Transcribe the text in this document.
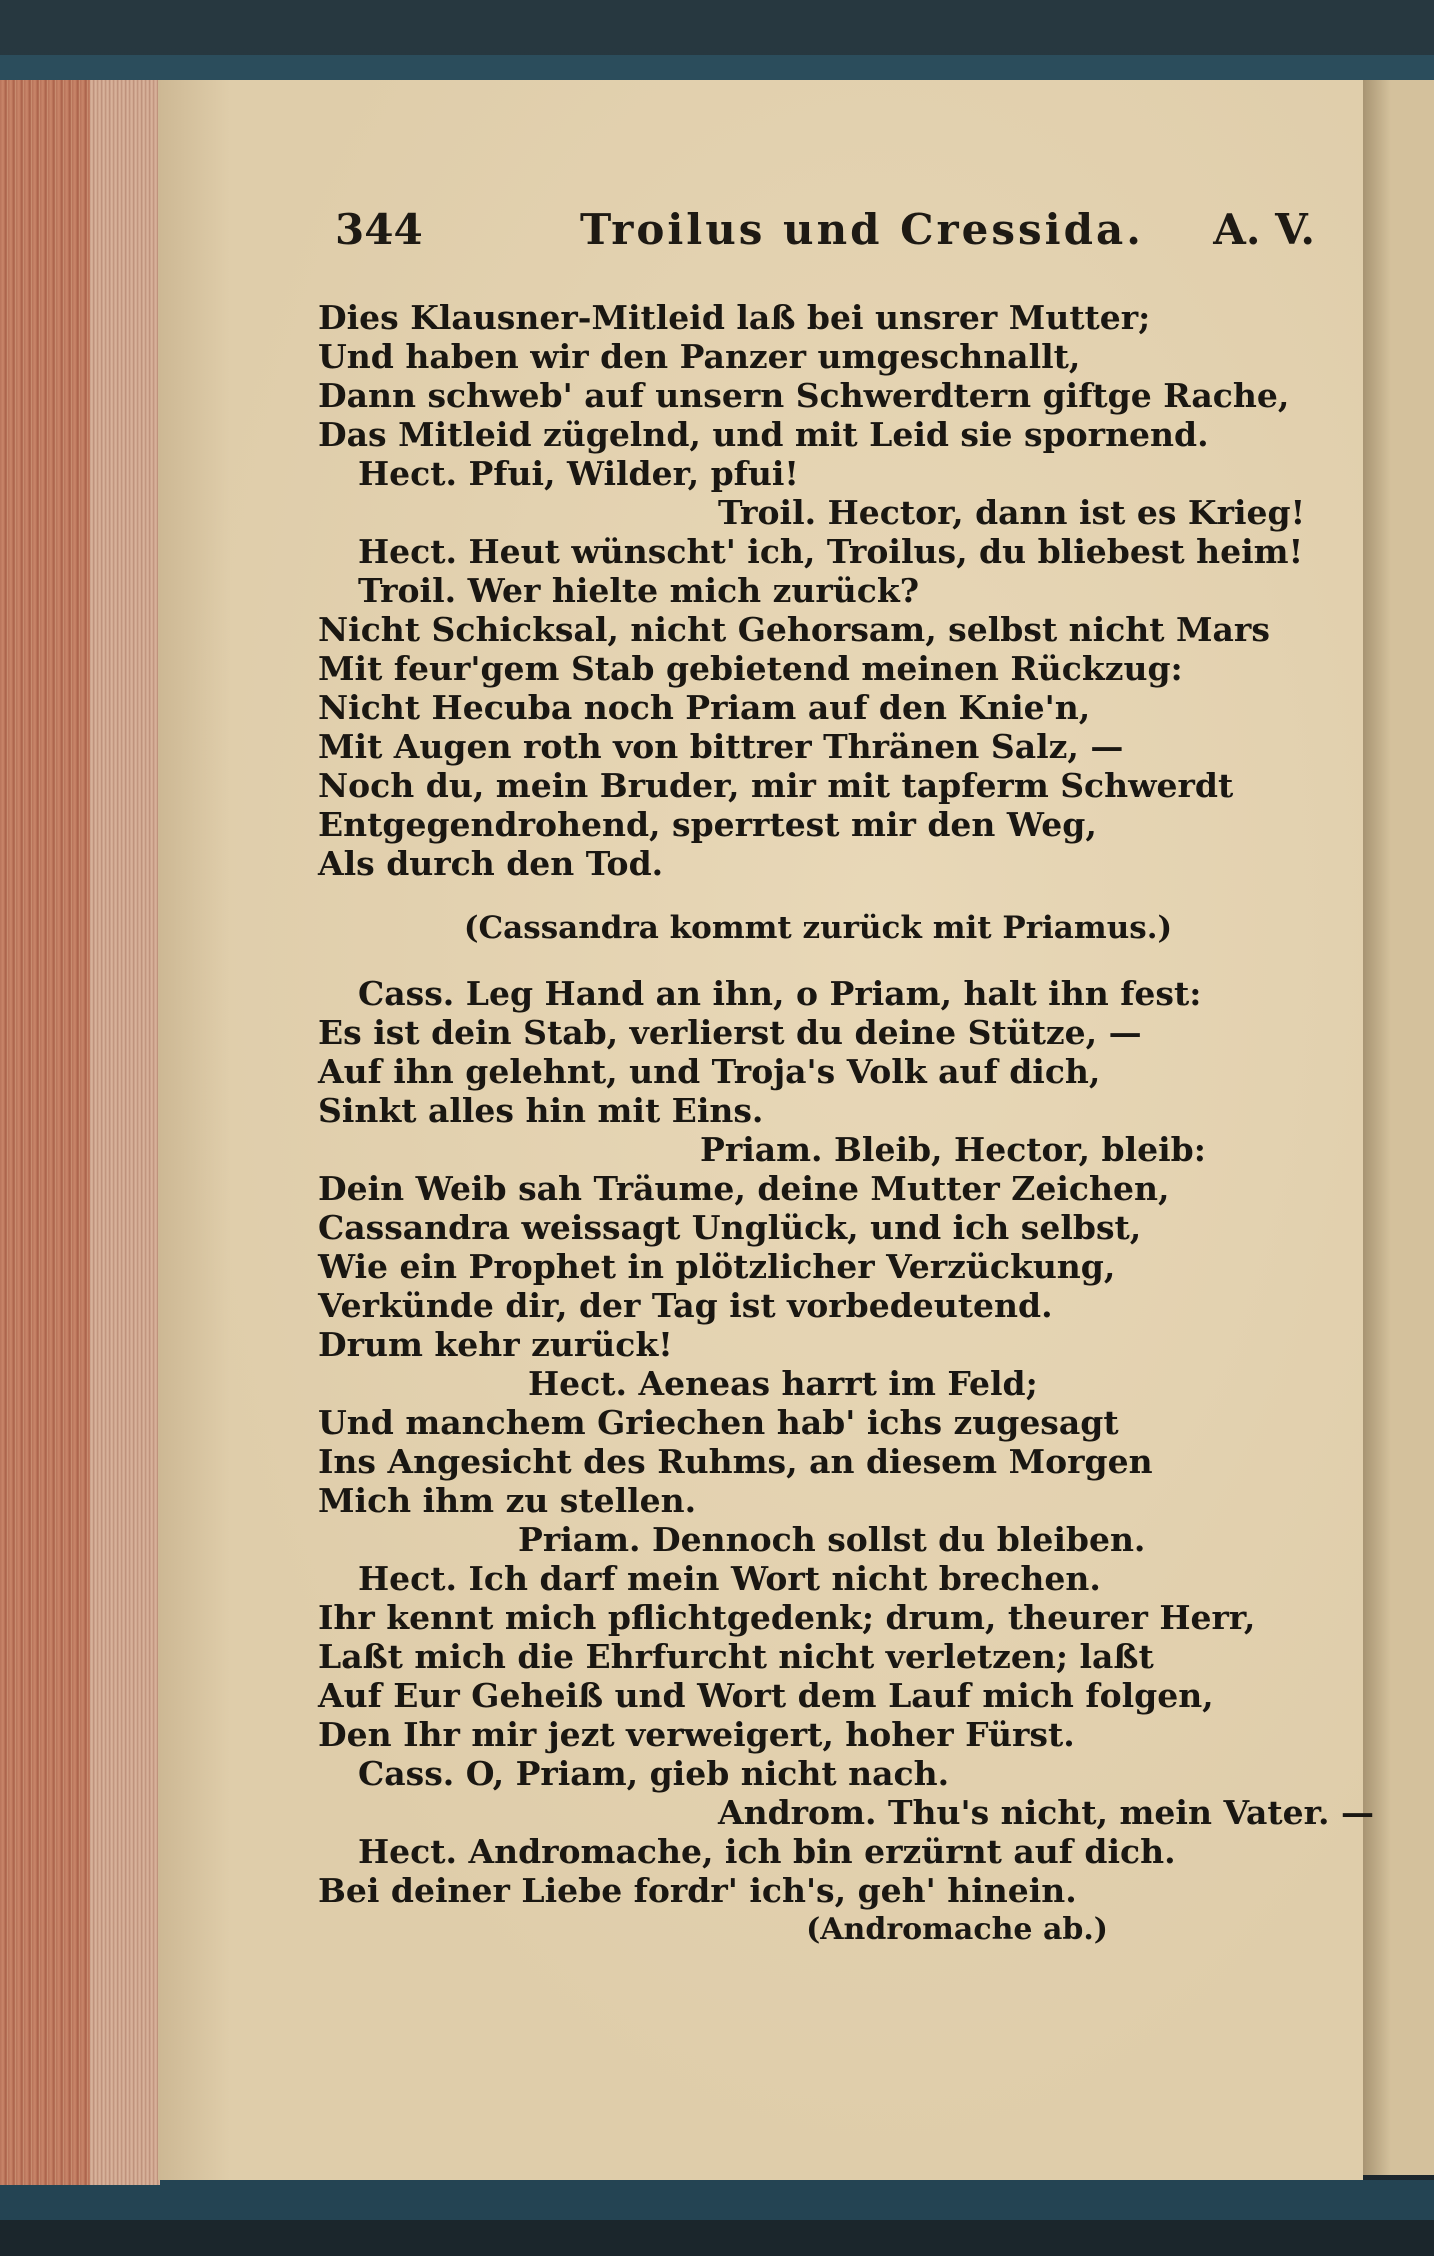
344	Troilus und Cressida. A. V.
Dies Klausner-Mitleid laß bei unsrer Mutter;
Und haben wir den Panzer umgeschnallt,
Dann schweb' auf unsern Schwerdtern giftge Rache,
Das Mitleid zügelnd, und mit Leid sie spornend.
Hect. Pfui, Wilder, pfui!
Troil. Hector, dann ist es Krieg!
Hect. Heut wünscht' ich, Troilus, du bliebest heim!
Troil. Wer hielte mich zurück?
Nicht Schicksal, nicht Gehorsam, selbst nicht Mars
Mit feur'gem Stab gebietend meinen Rückzug:
Nicht Hecuba noch Priam auf den Knie'n,
Mit Augen roth von bittrer Thränen Salz, —
Noch du, mein Bruder, mir mit tapferm Schwerdt
Entgegendrohend, sperrtest mir den Weg,
Als durch den Tod.
(Cassandra kommt zurück mit Priamus.)
Cass. Leg Hand an ihn, o Priam, halt ihn fest:
Es ist dein Stab, verlierst du deine Stütze, —
Auf ihn gelehnt, und Troja's Volk auf dich,
Sinkt alles hin mit Eins.
Priam. Bleib, Hector, bleib:
Dein Weib sah Träume, deine Mutter Zeichen,
Cassandra weissagt Unglück, und ich selbst,
Wie ein Prophet in plötzlicher Verzückung,
Verkünde dir, der Tag ist vorbedeutend.
Drum kehr zurück!
Hect. Aeneas harrt im Feld;
Und manchem Griechen hab' ichs zugesagt
Ins Angesicht des Ruhms, an diesem Morgen
Mich ihm zu stellen.
Priam. Dennoch sollst du bleiben.
Hect. Ich darf mein Wort nicht brechen.
Ihr kennt mich pflichtgedenk; drum, theurer Herr,
Laßt mich die Ehrfurcht nicht verletzen; laßt
Auf Eur Geheiß und Wort dem Lauf mich folgen,
Den Ihr mir jezt verweigert, hoher Fürst.
Cass. O, Priam, gieb nicht nach.
Androm. Thu's nicht, mein Vater. —
Hect. Andromache, ich bin erzürnt auf dich.
Bei deiner Liebe fordr' ich's, geh' hinein.
(Andromache ab.)
